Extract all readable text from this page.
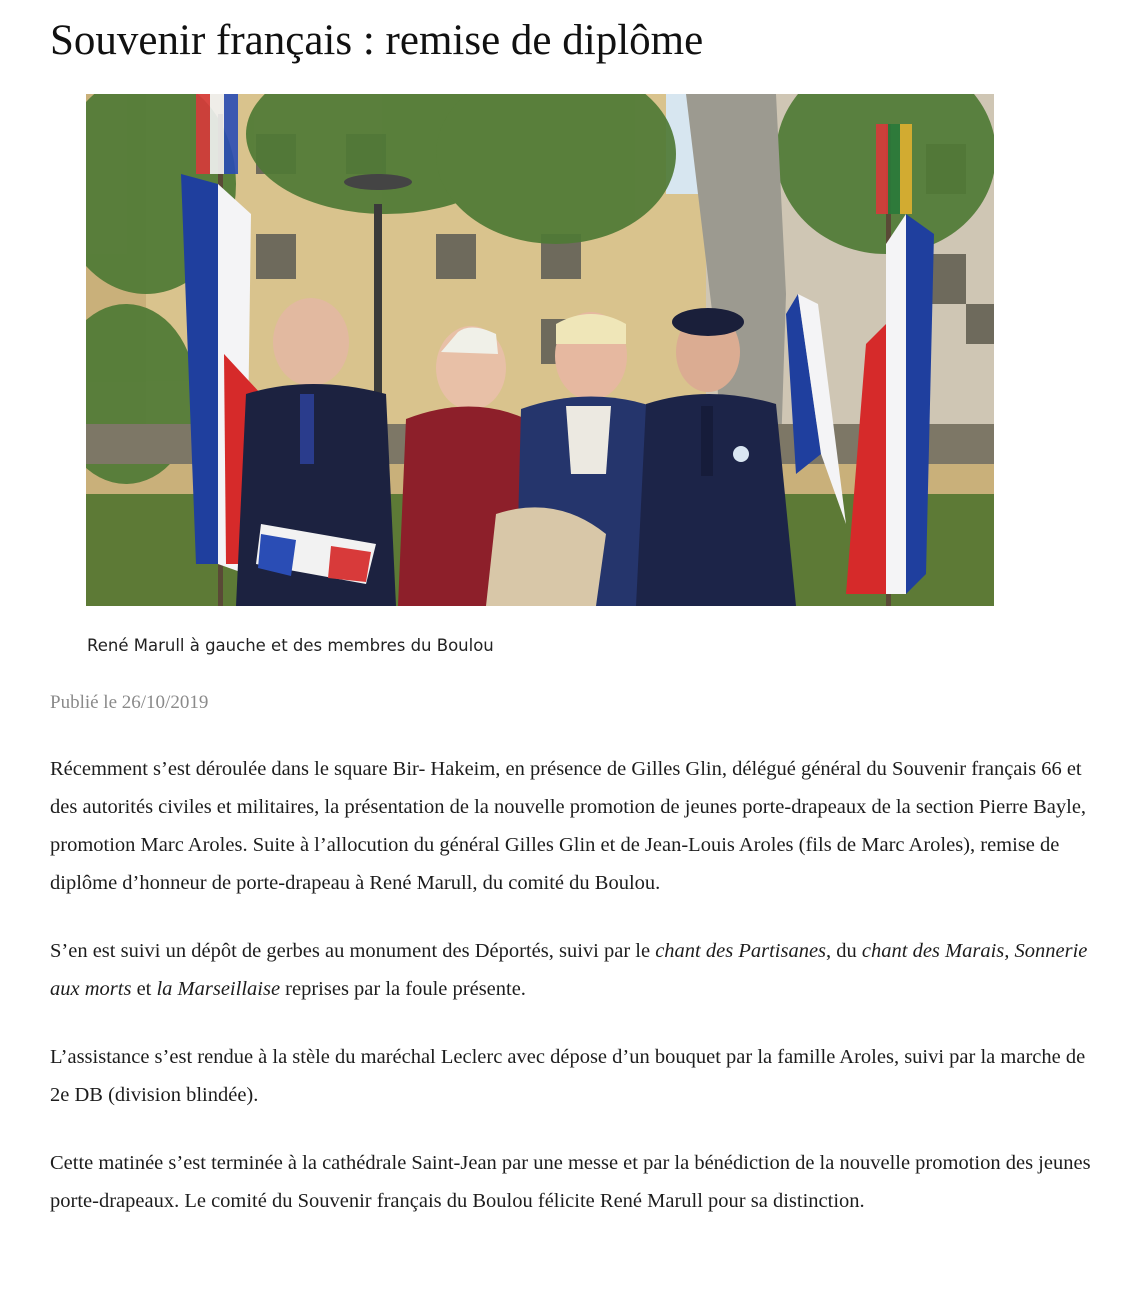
Souvenir français : remise de diplôme
René Marull à gauche et des membres du Boulou
Publié le 26/10/2019

Récemment s’est déroulée dans le square Bir- Hakeim, en présence de Gilles Glin, délégué général du Souvenir français 66 et des autorités civiles et militaires, la présentation de la nouvelle promotion de jeunes porte-drapeaux de la section Pierre Bayle, promotion Marc Aroles. Suite à l’allocution du général Gilles Glin et de Jean-Louis Aroles (fils de Marc Aroles), remise de diplôme d’honneur de porte-drapeau à René Marull, du comité du Boulou.

S’en est suivi un dépôt de gerbes au monument des Déportés, suivi par le chant des Partisanes, du chant des Marais, Sonnerie aux morts et la Marseillaise reprises par la foule présente.

L’assistance s’est rendue à la stèle du maréchal Leclerc avec dépose d’un bouquet par la famille Aroles, suivi par la marche de 2e DB (division blindée).

Cette matinée s’est terminée à la cathédrale Saint-Jean par une messe et par la bénédiction de la nouvelle promotion des jeunes porte-drapeaux. Le comité du Souvenir français du Boulou félicite René Marull pour sa distinction.
